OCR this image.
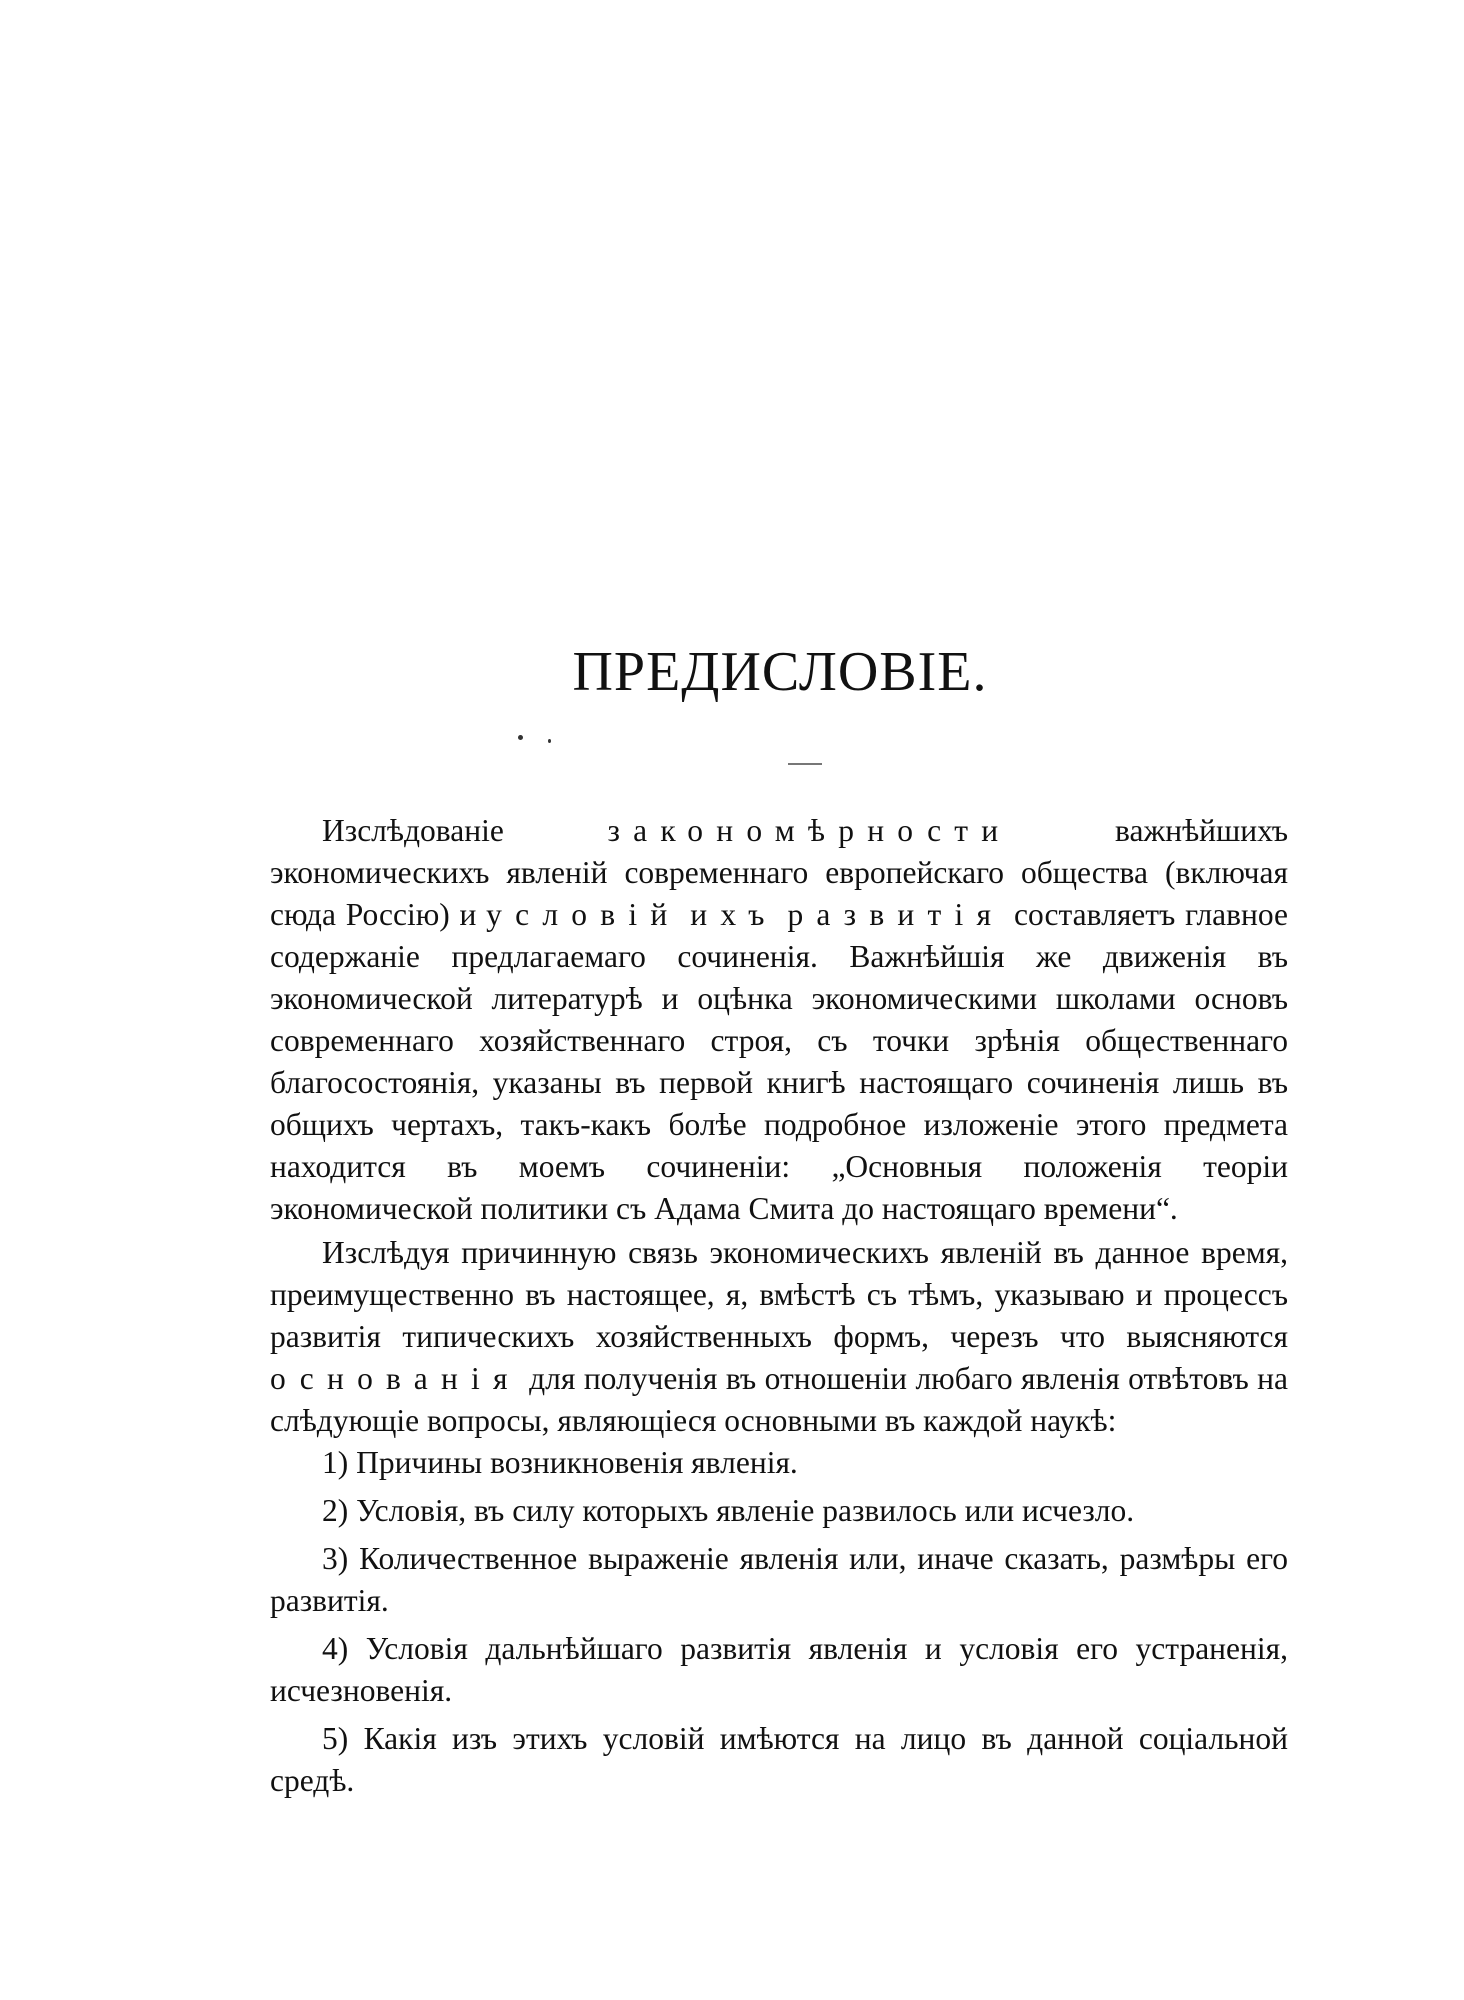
ПРЕДИСЛОВІЕ.

Изслѣдованіе закономѣрности важнѣйшихъ экономическихъ явленій современнаго европейскаго общества (включая сюда Россію) и условій ихъ развитія составляетъ главное содержаніе предлагаемаго сочиненія. Важнѣйшія же движенія въ экономической литературѣ и оцѣнка экономическими школами основъ современнаго хозяйственнаго строя, съ точки зрѣнія общественнаго благосостоянія, указаны въ первой книгѣ настоящаго сочиненія лишь въ общихъ чертахъ, такъ-какъ болѣе подробное изложеніе этого предмета находится въ моемъ сочиненіи: „Основныя положенія теоріи экономической политики съ Адама Смита до настоящаго времени“.

Изслѣдуя причинную связь экономическихъ явленій въ данное время, преимущественно въ настоящее, я, вмѣстѣ съ тѣмъ, указываю и процессъ развитія типическихъ хозяйственныхъ формъ, черезъ что выясняются основанія для полученія въ отношеніи любаго явленія отвѣтовъ на слѣдующіе вопросы, являющіеся основными въ каждой наукѣ:

1) Причины возникновенія явленія.

2) Условія, въ силу которыхъ явленіе развилось или исчезло.

3) Количественное выраженіе явленія или, иначе сказать, размѣры его развитія.

4) Условія дальнѣйшаго развитія явленія и условія его устраненія, исчезновенія.

5) Какія изъ этихъ условій имѣются на лицо въ данной соціальной средѣ.
